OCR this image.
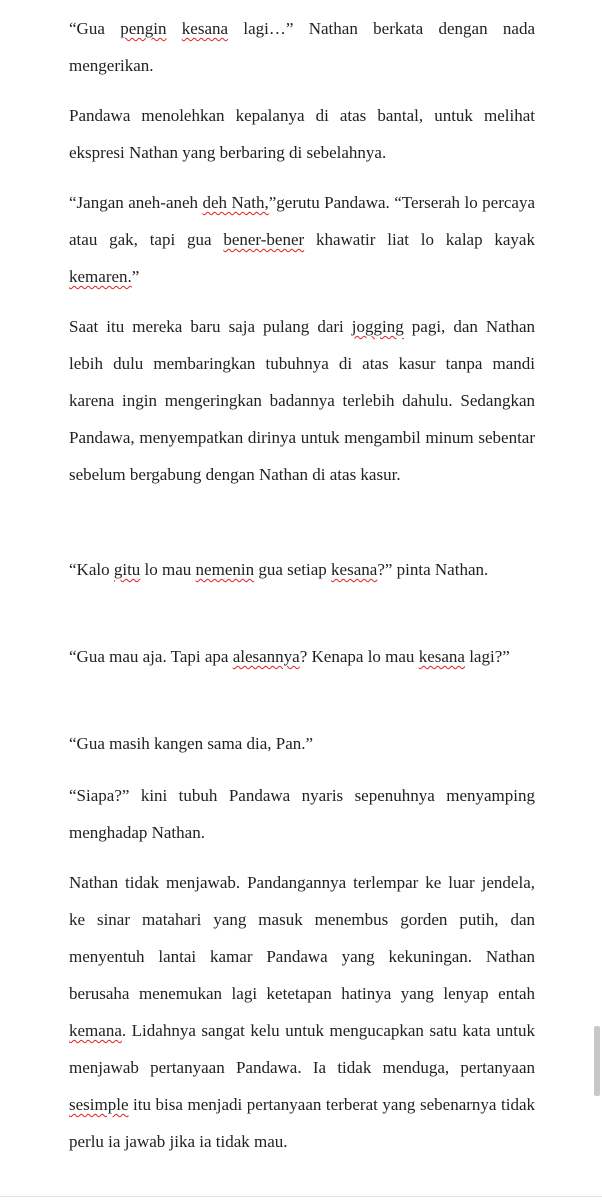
“Gua pengin kesana lagi…” Nathan berkata dengan nada mengerikan.

Pandawa menolehkan kepalanya di atas bantal, untuk melihat ekspresi Nathan yang berbaring di sebelahnya.

“Jangan aneh-aneh deh Nath,”gerutu Pandawa. “Terserah lo percaya atau gak, tapi gua bener-bener khawatir liat lo kalap kayak kemaren.”

Saat itu mereka baru saja pulang dari jogging pagi, dan Nathan lebih dulu membaringkan tubuhnya di atas kasur tanpa mandi karena ingin mengeringkan badannya terlebih dahulu. Sedangkan Pandawa, menyempatkan dirinya untuk mengambil minum sebentar sebelum bergabung dengan Nathan di atas kasur.

“Kalo gitu lo mau nemenin gua setiap kesana?” pinta Nathan.

“Gua mau aja. Tapi apa alesannya? Kenapa lo mau kesana lagi?”

“Gua masih kangen sama dia, Pan.”

“Siapa?” kini tubuh Pandawa nyaris sepenuhnya menyamping menghadap Nathan.

Nathan tidak menjawab. Pandangannya terlempar ke luar jendela, ke sinar matahari yang masuk menembus gorden putih, dan menyentuh lantai kamar Pandawa yang kekuningan. Nathan berusaha menemukan lagi ketetapan hatinya yang lenyap entah kemana. Lidahnya sangat kelu untuk mengucapkan satu kata untuk menjawab pertanyaan Pandawa. Ia tidak menduga, pertanyaan sesimple itu bisa menjadi pertanyaan terberat yang sebenarnya tidak perlu ia jawab jika ia tidak mau.
